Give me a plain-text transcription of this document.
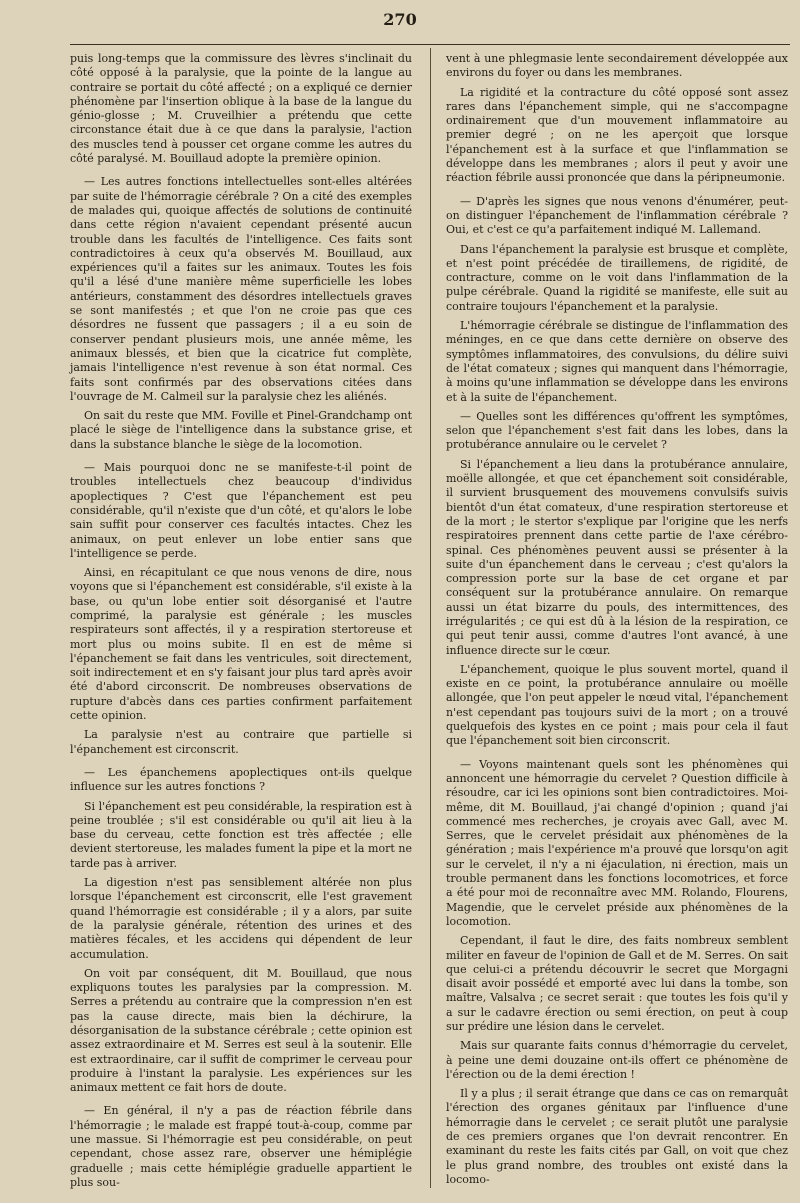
270

puis long-temps que la commissure des lèvres s'inclinait du côté opposé à la paralysie, que la pointe de la langue au contraire se portait du côté affecté ; on a expliqué ce dernier phénomène par l'insertion oblique à la base de la langue du génio-glosse ; M. Cruveilhier a prétendu que cette circonstance était due à ce que dans la paralysie, l'action des muscles tend à pousser cet organe comme les autres du côté paralysé. M. Bouillaud adopte la première opinion.

— Les autres fonctions intellectuelles sont-elles altérées par suite de l'hémorragie cérébrale ? On a cité des exemples de malades qui, quoique affectés de solutions de continuité dans cette région n'avaient cependant présenté aucun trouble dans les facultés de l'intelligence. Ces faits sont contradictoires à ceux qu'a observés M. Bouillaud, aux expériences qu'il a faites sur les animaux. Toutes les fois qu'il a lésé d'une manière même superficielle les lobes antérieurs, constamment des désordres intellectuels graves se sont manifestés ; et que l'on ne croie pas que ces désordres ne fussent que passagers ; il a eu soin de conserver pendant plusieurs mois, une année même, les animaux blessés, et bien que la cicatrice fut complète, jamais l'intelligence n'est revenue à son état normal. Ces faits sont confirmés par des observations citées dans l'ouvrage de M. Calmeil sur la paralysie chez les aliénés.

On sait du reste que MM. Foville et Pinel-Grandchamp ont placé le siège de l'intelligence dans la substance grise, et dans la substance blanche le siège de la locomotion.

— Mais pourquoi donc ne se manifeste-t-il point de troubles intellectuels chez beaucoup d'individus apoplectiques ? C'est que l'épanchement est peu considérable, qu'il n'existe que d'un côté, et qu'alors le lobe sain suffit pour conserver ces facultés intactes. Chez les animaux, on peut enlever un lobe entier sans que l'intelligence se perde.

Ainsi, en récapitulant ce que nous venons de dire, nous voyons que si l'épanchement est considérable, s'il existe à la base, ou qu'un lobe entier soit désorganisé et l'autre comprimé, la paralysie est générale ; les muscles respirateurs sont affectés, il y a respiration stertoreuse et mort plus ou moins subite. Il en est de même si l'épanchement se fait dans les ventricules, soit directement, soit indirectement et en s'y faisant jour plus tard après avoir été d'abord circonscrit. De nombreuses observations de rupture d'abcès dans ces parties confirment parfaitement cette opinion.

La paralysie n'est au contraire que partielle si l'épanchement est circonscrit.

— Les épanchemens apoplectiques ont-ils quelque influence sur les autres fonctions ?

Si l'épanchement est peu considérable, la respiration est à peine troublée ; s'il est considérable ou qu'il ait lieu à la base du cerveau, cette fonction est très affectée ; elle devient stertoreuse, les malades fument la pipe et la mort ne tarde pas à arriver.

La digestion n'est pas sensiblement altérée non plus lorsque l'épanchement est circonscrit, elle l'est gravement quand l'hémorragie est considérable ; il y a alors, par suite de la paralysie générale, rétention des urines et des matières fécales, et les accidens qui dépendent de leur accumulation.

On voit par conséquent, dit M. Bouillaud, que nous expliquons toutes les paralysies par la compression. M. Serres a prétendu au contraire que la compression n'en est pas la cause directe, mais bien la déchirure, la désorganisation de la substance cérébrale ; cette opinion est assez extraordinaire et M. Serres est seul à la soutenir. Elle est extraordinaire, car il suffit de comprimer le cerveau pour produire à l'instant la paralysie. Les expériences sur les animaux mettent ce fait hors de doute.

— En général, il n'y a pas de réaction fébrile dans l'hémorragie ; le malade est frappé tout-à-coup, comme par une massue. Si l'hémorragie est peu considérable, on peut cependant, chose assez rare, observer une hémiplégie graduelle ; mais cette hémiplégie graduelle appartient le plus sou-

vent à une phlegmasie lente secondairement développée aux environs du foyer ou dans les membranes.

La rigidité et la contracture du côté opposé sont assez rares dans l'épanchement simple, qui ne s'accompagne ordinairement que d'un mouvement inflammatoire au premier degré ; on ne les aperçoit que lorsque l'épanchement est à la surface et que l'inflammation se développe dans les membranes ; alors il peut y avoir une réaction fébrile aussi prononcée que dans la péripneumonie.

— D'après les signes que nous venons d'énumérer, peut-on distinguer l'épanchement de l'inflammation cérébrale ? Oui, et c'est ce qu'a parfaitement indiqué M. Lallemand.

Dans l'épanchement la paralysie est brusque et complète, et n'est point précédée de tiraillemens, de rigidité, de contracture, comme on le voit dans l'inflammation de la pulpe cérébrale. Quand la rigidité se manifeste, elle suit au contraire toujours l'épanchement et la paralysie.

L'hémorragie cérébrale se distingue de l'inflammation des méninges, en ce que dans cette dernière on observe des symptômes inflammatoires, des convulsions, du délire suivi de l'état comateux ; signes qui manquent dans l'hémorragie, à moins qu'une inflammation se développe dans les environs et à la suite de l'épanchement.

— Quelles sont les différences qu'offrent les symptômes, selon que l'épanchement s'est fait dans les lobes, dans la protubérance annulaire ou le cervelet ?

Si l'épanchement a lieu dans la protubérance annulaire, moëlle allongée, et que cet épanchement soit considérable, il survient brusquement des mouvemens convulsifs suivis bientôt d'un état comateux, d'une respiration stertoreuse et de la mort ; le stertor s'explique par l'origine que les nerfs respiratoires prennent dans cette partie de l'axe cérébro-spinal. Ces phénomènes peuvent aussi se présenter à la suite d'un épanchement dans le cerveau ; c'est qu'alors la compression porte sur la base de cet organe et par conséquent sur la protubérance annulaire. On remarque aussi un état bizarre du pouls, des intermittences, des irrégularités ; ce qui est dû à la lésion de la respiration, ce qui peut tenir aussi, comme d'autres l'ont avancé, à une influence directe sur le cœur.

L'épanchement, quoique le plus souvent mortel, quand il existe en ce point, la protubérance annulaire ou moëlle allongée, que l'on peut appeler le nœud vital, l'épanchement n'est cependant pas toujours suivi de la mort ; on a trouvé quelquefois des kystes en ce point ; mais pour cela il faut que l'épanchement soit bien circonscrit.

— Voyons maintenant quels sont les phénomènes qui annoncent une hémorragie du cervelet ? Question difficile à résoudre, car ici les opinions sont bien contradictoires. Moi-même, dit M. Bouillaud, j'ai changé d'opinion ; quand j'ai commencé mes recherches, je croyais avec Gall, avec M. Serres, que le cervelet présidait aux phénomènes de la génération ; mais l'expérience m'a prouvé que lorsqu'on agit sur le cervelet, il n'y a ni éjaculation, ni érection, mais un trouble permanent dans les fonctions locomotrices, et force a été pour moi de reconnaître avec MM. Rolando, Flourens, Magendie, que le cervelet préside aux phénomènes de la locomotion.

Cependant, il faut le dire, des faits nombreux semblent militer en faveur de l'opinion de Gall et de M. Serres. On sait que celui-ci a prétendu découvrir le secret que Morgagni disait avoir possédé et emporté avec lui dans la tombe, son maître, Valsalva ; ce secret serait : que toutes les fois qu'il y a sur le cadavre érection ou semi érection, on peut à coup sur prédire une lésion dans le cervelet.

Mais sur quarante faits connus d'hémorragie du cervelet, à peine une demi douzaine ont-ils offert ce phénomène de l'érection ou de la demi érection !

Il y a plus ; il serait étrange que dans ce cas on remarquât l'érection des organes génitaux par l'influence d'une hémorragie dans le cervelet ; ce serait plutôt une paralysie de ces premiers organes que l'on devrait rencontrer. En examinant du reste les faits cités par Gall, on voit que chez le plus grand nombre, des troubles ont existé dans la locomo-
